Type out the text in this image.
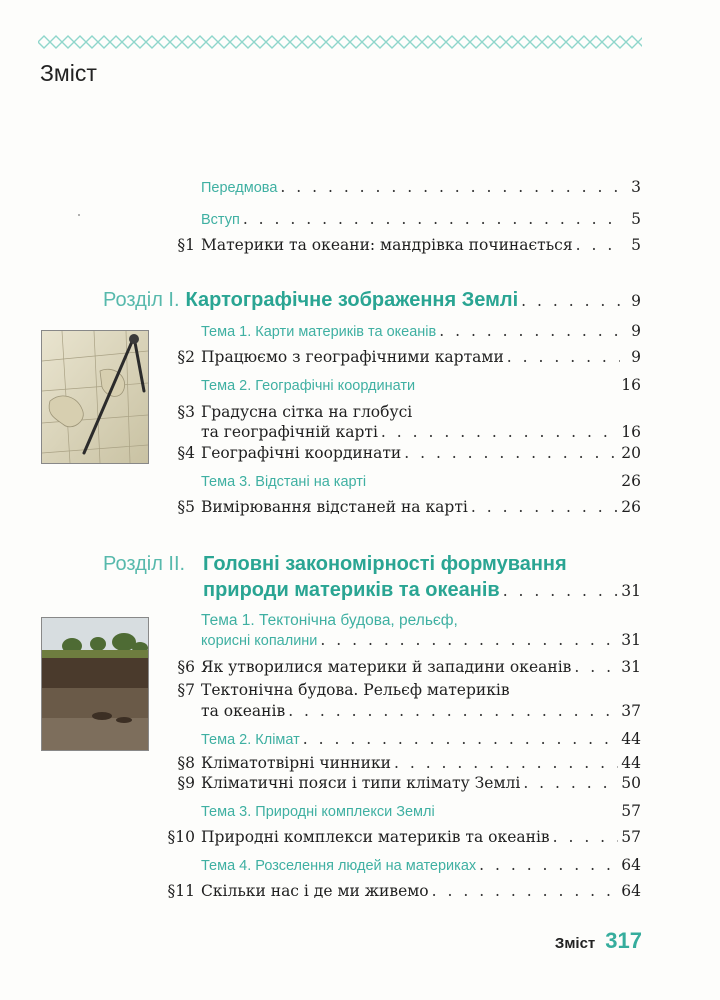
Зміст
Передмова . . .	3
Вступ . . .	5
§1 Материки та океани: мандрівка починається . . .	5
Розділ І. Картографічне зображення Землі . . .	9
Тема 1. Карти материків та океанів . . .	9
§2 Працюємо з географічними картами . . .	9
Тема 2. Географічні координати	16
§3 Градусна сітка на глобусі
та географічній карті . . .	16
§4 Географічні координати . . .	20
Тема 3. Відстані на карті	26
§5 Вимірювання відстаней на карті . . .	26
Розділ ІІ. Головні закономірності формування
природи материків та океанів . . .	31
Тема 1. Тектонічна будова, рельєф,
корисні копалини . . .	31
§6 Як утворилися материки й западини океанів . . .	31
§7 Тектонічна будова. Рельєф материків
та океанів . . .	37
Тема 2. Клімат . . .	44
§8 Кліматотвірні чинники . . .	44
§9 Кліматичні пояси і типи клімату Землі . . .	50
Тема 3. Природні комплекси Землі	57
§10 Природні комплекси материків та океанів . . .	57
Тема 4. Розселення людей на материках . . .	64
§11 Скільки нас і де ми живемо . . .	64
Зміст 317
